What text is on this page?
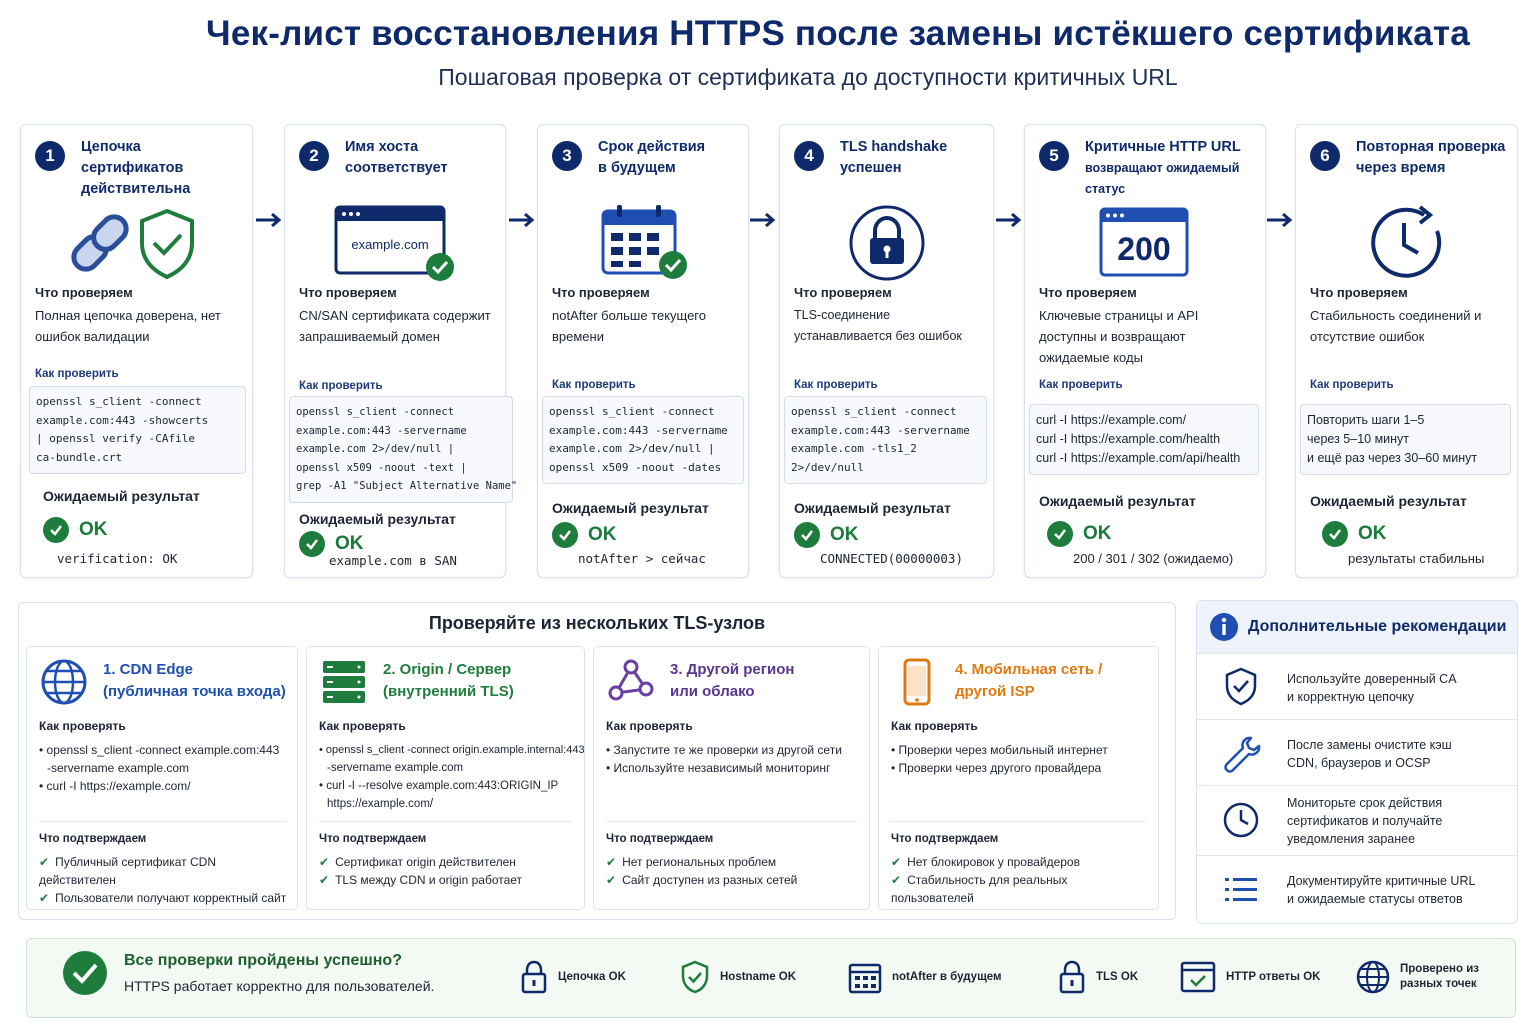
Чек-лист восстановления HTTPS после замены истёкшего сертификата
Пошаговая проверка от сертификата до доступности критичных URL
1	Цепочка сертификатов
действительна
Что проверяем
Полная цепочка доверена, нет ошибок валидации
Как проверить
openssl s_client -connect
example.com:443 -showcerts
| openssl verify -CAfile
ca-bundle.crt
Ожидаемый результат
OK
verification: OK
2	Имя хоста
соответствует
example.com
Что проверяем
CN/SAN сертификата содержит запрашиваемый домен
Как проверить
openssl s_client -connect
example.com:443 -servername
example.com 2>/dev/null |
openssl x509 -noout -text |
grep -A1 "Subject Alternative Name"
Ожидаемый результат
OK
example.com в SAN
3	Срок действия
в будущем
Что проверяем
notAfter больше текущего времени
Как проверить
openssl s_client -connect
example.com:443 -servername
example.com 2>/dev/null |
openssl x509 -noout -dates
Ожидаемый результат
OK
notAfter > сейчас
4	TLS handshake
успешен
Что проверяем
TLS-соединение устанавливается без ошибок
Как проверить
openssl s_client -connect
example.com:443 -servername
example.com -tls1_2
2>/dev/null
Ожидаемый результат
OK
CONNECTED(00000003)
5	Критичные HTTP URL
возвращают ожидаемый статус
200
Что проверяем
Ключевые страницы и API доступны и возвращают ожидаемые коды
Как проверить
curl -I https://example.com/
curl -I https://example.com/health
curl -I https://example.com/api/health
Ожидаемый результат
OK
200 / 301 / 302 (ожидаемо)
6	Повторная проверка
через время
Что проверяем
Стабильность соединений и отсутствие ошибок
Как проверить
Повторить шаги 1–5
через 5–10 минут
и ещё раз через 30–60 минут
Ожидаемый результат
OK
результаты стабильны
Проверяйте из нескольких TLS-узлов
1. CDN Edge
(публичная точка входа)
Как проверять
• openssl s_client -connect example.com:443
-servername example.com
• curl -I https://example.com/
Что подтверждаем
✔ Публичный сертификат CDN действителен
✔ Пользователи получают корректный сайт
2. Origin / Сервер
(внутренний TLS)
Как проверять
• openssl s_client -connect origin.example.internal:443
-servername example.com
• curl -I --resolve example.com:443:ORIGIN_IP
https://example.com/
Что подтверждаем
✔ Сертификат origin действителен
✔ TLS между CDN и origin работает
3. Другой регион
или облако
Как проверять
• Запустите те же проверки из другой сети
• Используйте независимый мониторинг
Что подтверждаем
✔ Нет региональных проблем
✔ Сайт доступен из разных сетей
4. Мобильная сеть /
другой ISP
Как проверять
• Проверки через мобильный интернет
• Проверки через другого провайдера
Что подтверждаем
✔ Нет блокировок у провайдеров
✔ Стабильность для реальных пользователей
Дополнительные рекомендации
Используйте доверенный CA
и корректную цепочку
После замены очистите кэш
CDN, браузеров и OCSP
Мониторьте срок действия
сертификатов и получайте
уведомления заранее
Документируйте критичные URL
и ожидаемые статусы ответов
Все проверки пройдены успешно?
HTTPS работает корректно для пользователей.
Цепочка OK	Hostname OK	notAfter в будущем	TLS OK	HTTP ответы OK
Проверено из
разных точек
